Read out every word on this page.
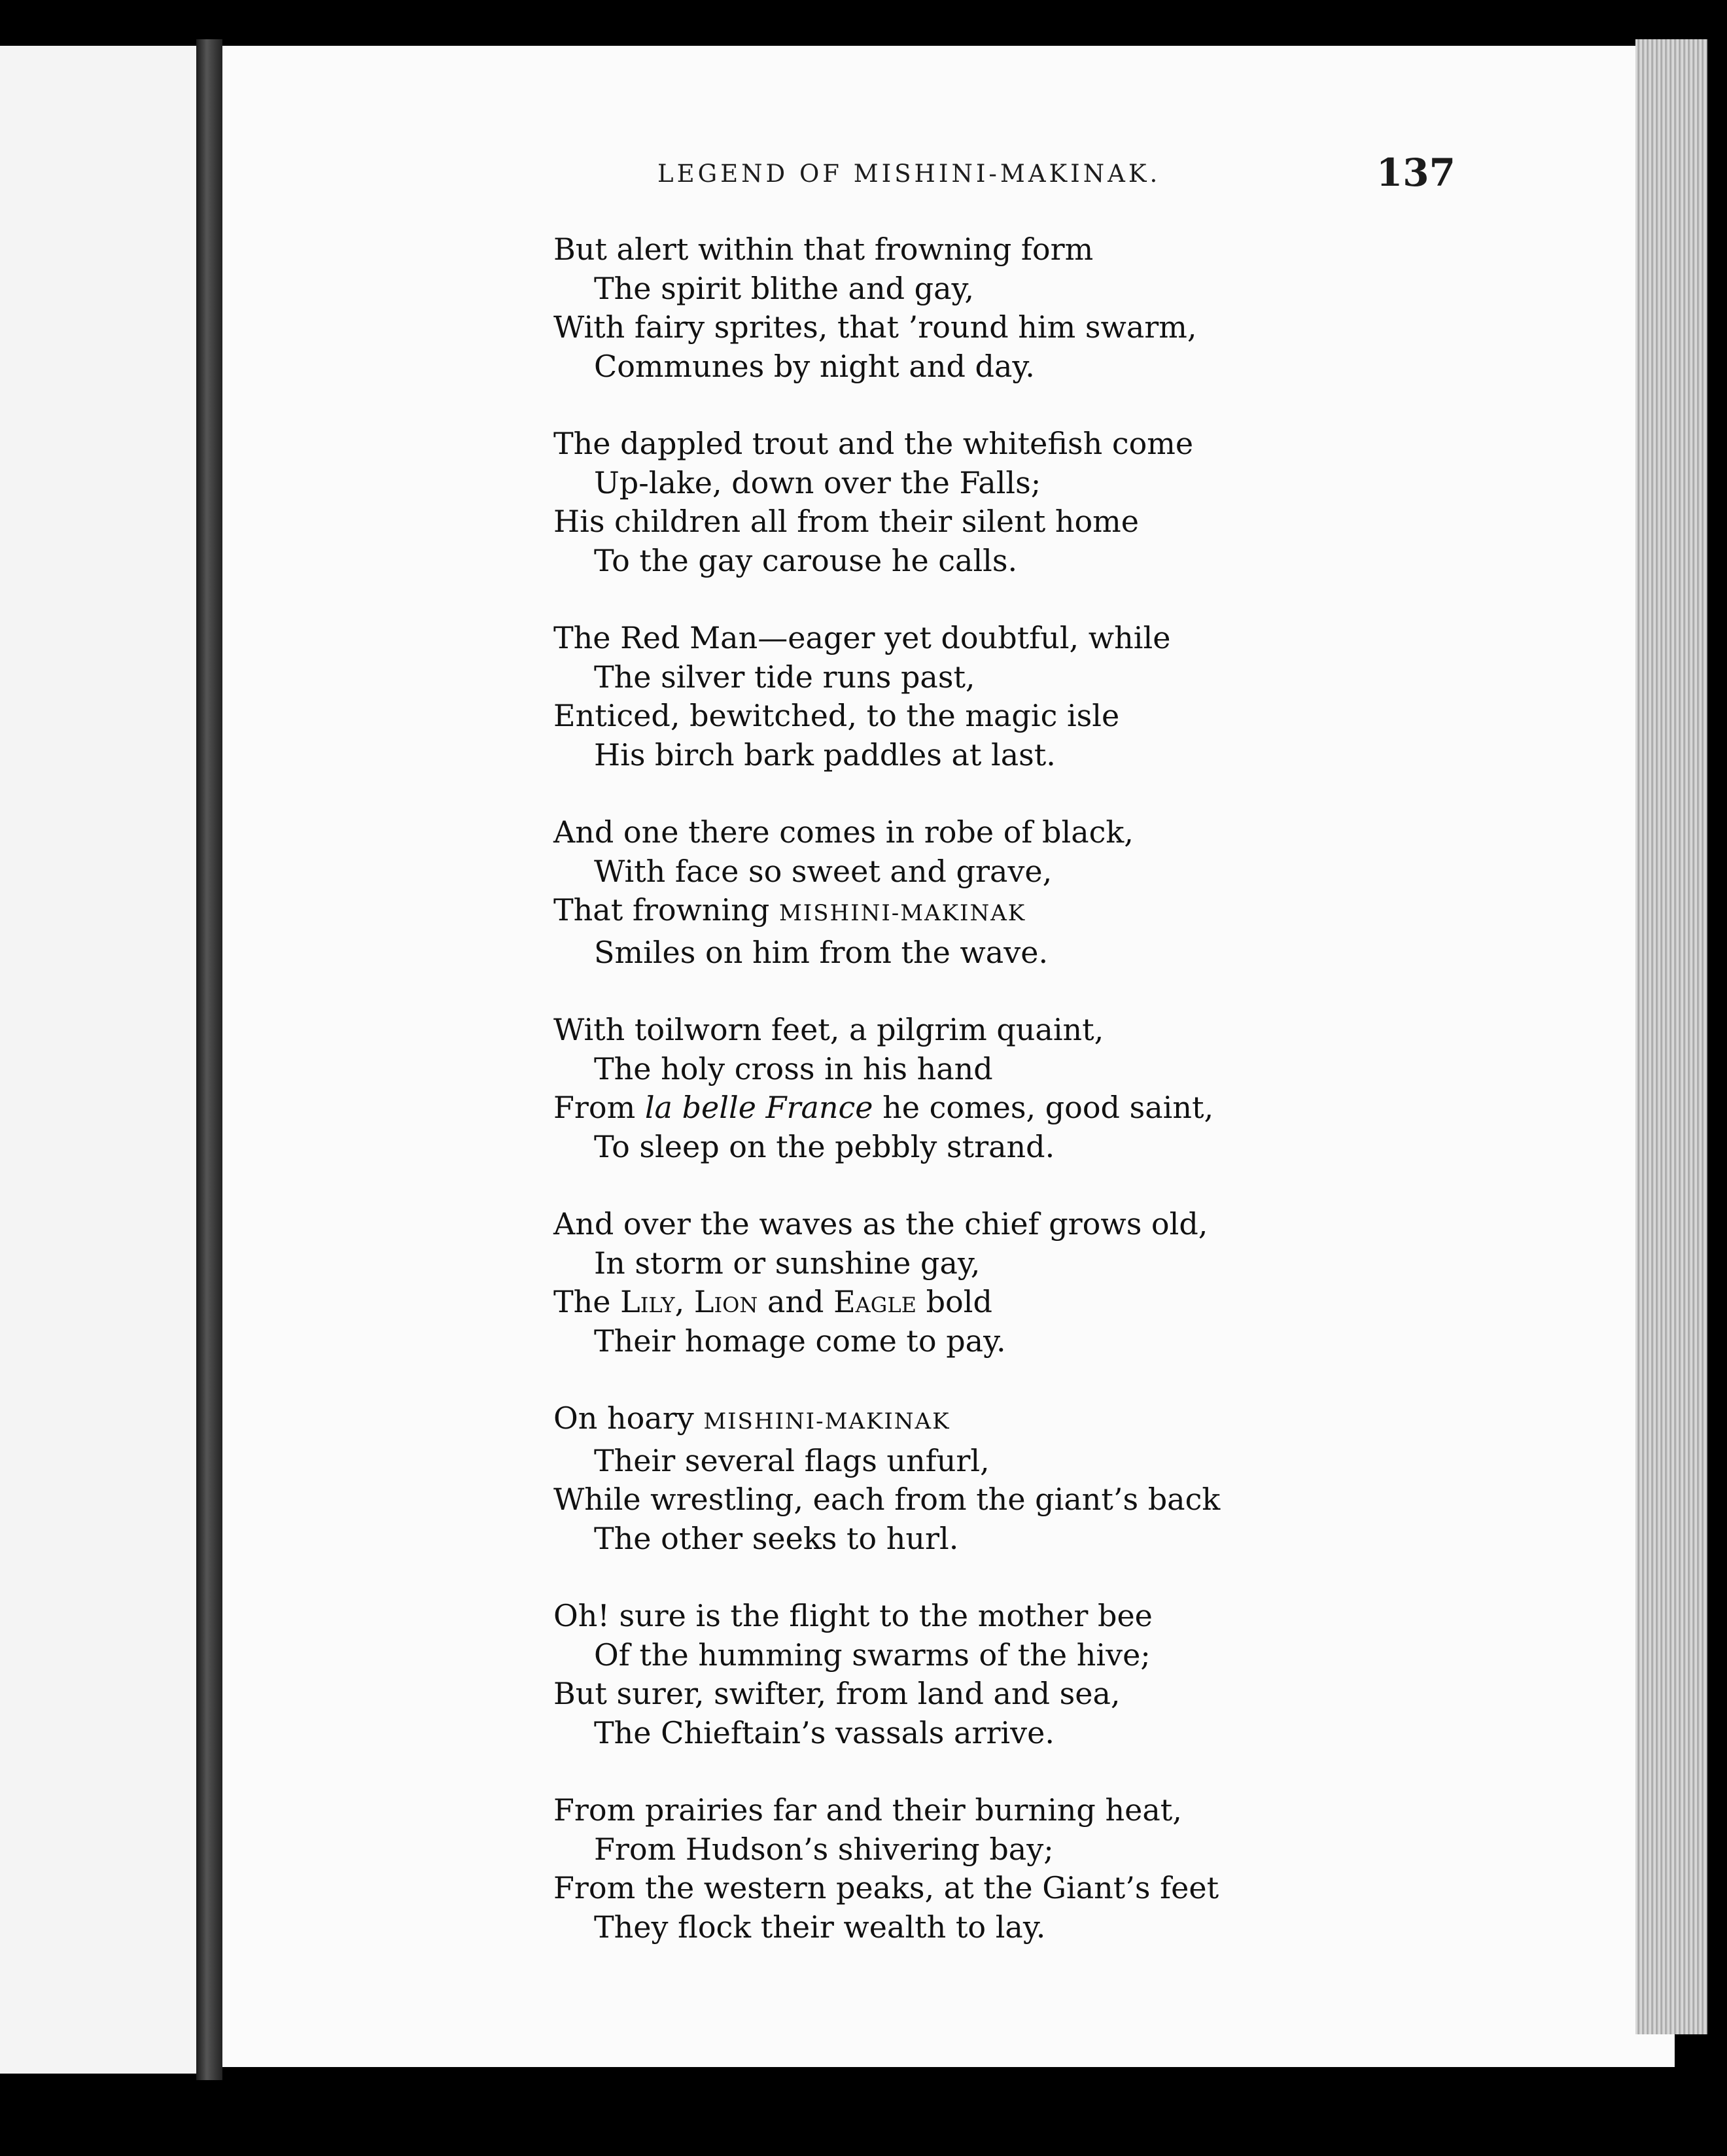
LEGEND OF MISHINI-MAKINAK.	137
But alert within that frowning form
The spirit blithe and gay,
With fairy sprites, that ’round him swarm,
Communes by night and day.
The dappled trout and the whitefish come
Up-lake, down over the Falls;
His children all from their silent home
To the gay carouse he calls.
The Red Man—eager yet doubtful, while
The silver tide runs past,
Enticed, bewitched, to the magic isle
His birch bark paddles at last.
And one there comes in robe of black,
With face so sweet and grave,
That frowning MISHINI-MAKINAK
Smiles on him from the wave.
With toilworn feet, a pilgrim quaint,
The holy cross in his hand
From la belle France he comes, good saint,
To sleep on the pebbly strand.
And over the waves as the chief grows old,
In storm or sunshine gay,
The Lily, Lion and Eagle bold
Their homage come to pay.
On hoary MISHINI-MAKINAK
Their several flags unfurl,
While wrestling, each from the giant’s back
The other seeks to hurl.
Oh! sure is the flight to the mother bee
Of the humming swarms of the hive;
But surer, swifter, from land and sea,
The Chieftain’s vassals arrive.
From prairies far and their burning heat,
From Hudson’s shivering bay;
From the western peaks, at the Giant’s feet
They flock their wealth to lay.
